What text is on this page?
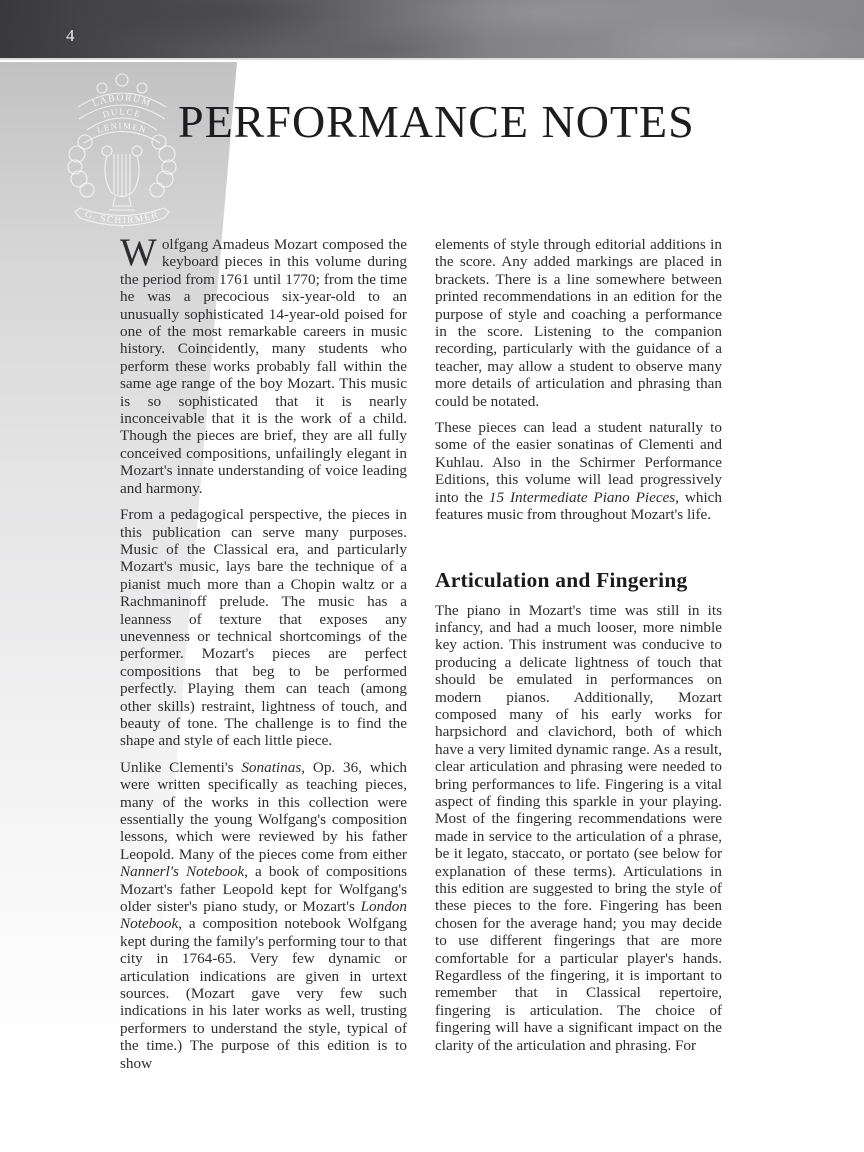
4
LABORUM
DULCE
LENIMEN
G. SCHIRMER
PERFORMANCE NOTES

Wolfgang Amadeus Mozart composed the keyboard pieces in this volume during the period from 1761 until 1770; from the time he was a precocious six-year-old to an unusually sophisticated 14-year-old poised for one of the most remarkable careers in music history. Coincidently, many students who perform these works probably fall within the same age range of the boy Mozart. This music is so sophisticated that it is nearly inconceivable that it is the work of a child. Though the pieces are brief, they are all fully conceived compositions, unfailingly elegant in Mozart's innate understanding of voice leading and harmony.

From a pedagogical perspective, the pieces in this publication can serve many purposes. Music of the Classical era, and particularly Mozart's music, lays bare the technique of a pianist much more than a Chopin waltz or a Rachmaninoff prelude. The music has a leanness of texture that exposes any unevenness or technical shortcomings of the performer. Mozart's pieces are perfect compositions that beg to be performed perfectly. Playing them can teach (among other skills) restraint, lightness of touch, and beauty of tone. The challenge is to find the shape and style of each little piece.

Unlike Clementi's Sonatinas, Op. 36, which were written specifically as teaching pieces, many of the works in this collection were essentially the young Wolfgang's composition lessons, which were reviewed by his father Leopold. Many of the pieces come from either Nannerl's Notebook, a book of compositions Mozart's father Leopold kept for Wolfgang's older sister's piano study, or Mozart's London Notebook, a composition notebook Wolfgang kept during the family's performing tour to that city in 1764-65. Very few dynamic or articulation indications are given in urtext sources. (Mozart gave very few such indications in his later works as well, trusting performers to understand the style, typical of the time.) The purpose of this edition is to show

elements of style through editorial additions in the score. Any added markings are placed in brackets. There is a line somewhere between printed recommendations in an edition for the purpose of style and coaching a performance in the score. Listening to the companion recording, particularly with the guidance of a teacher, may allow a student to observe many more details of articulation and phrasing than could be notated.

These pieces can lead a student naturally to some of the easier sonatinas of Clementi and Kuhlau. Also in the Schirmer Performance Editions, this volume will lead progressively into the 15 Intermediate Piano Pieces, which features music from throughout Mozart's life.

Articulation and Fingering

The piano in Mozart's time was still in its infancy, and had a much looser, more nimble key action. This instrument was conducive to producing a delicate lightness of touch that should be emulated in performances on modern pianos. Additionally, Mozart composed many of his early works for harpsichord and clavichord, both of which have a very limited dynamic range. As a result, clear articulation and phrasing were needed to bring performances to life. Fingering is a vital aspect of finding this sparkle in your playing. Most of the fingering recommendations were made in service to the articulation of a phrase, be it legato, staccato, or portato (see below for explanation of these terms). Articulations in this edition are suggested to bring the style of these pieces to the fore. Fingering has been chosen for the average hand; you may decide to use different fingerings that are more comfortable for a particular player's hands. Regardless of the fingering, it is important to remember that in Classical repertoire, fingering is articulation. The choice of fingering will have a significant impact on the clarity of the articulation and phrasing. For
